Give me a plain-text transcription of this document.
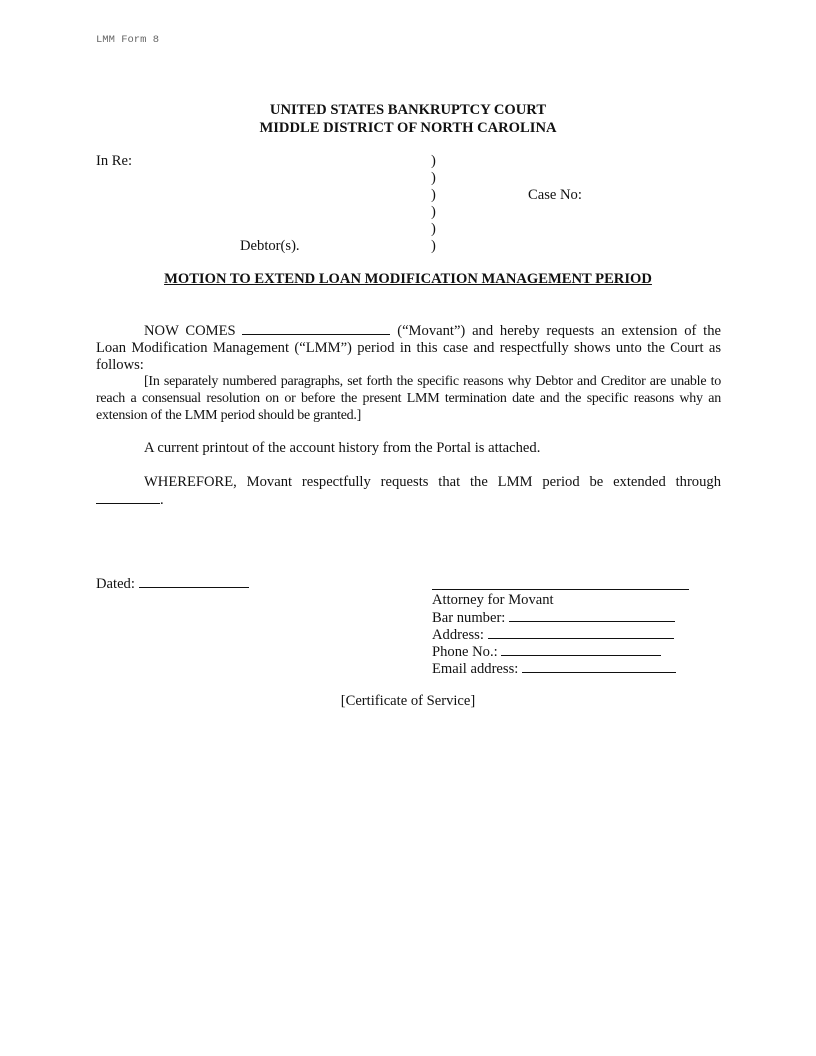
LMM Form 8
UNITED STATES BANKRUPTCY COURT
MIDDLE DISTRICT OF NORTH CAROLINA
In Re:
Debtor(s).
Case No:
)
)
)
)
)
)
MOTION TO EXTEND LOAN MODIFICATION MANAGEMENT PERIOD
NOW COMES	(“Movant”) and hereby requests an extension of the Loan Modification Management (“LMM”) period in this case and respectfully shows unto the Court as follows:
[In separately numbered paragraphs, set forth the specific reasons why Debtor and Creditor are unable to reach a consensual resolution on or before the present LMM termination date and the specific reasons why an extension of the LMM period should be granted.]
A current printout of the account history from the Portal is attached.
WHEREFORE, Movant respectfully requests that the LMM period be extended through
.
Dated:
Attorney for Movant
Bar number:
Address:
Phone No.:
Email address:
[Certificate of Service]
